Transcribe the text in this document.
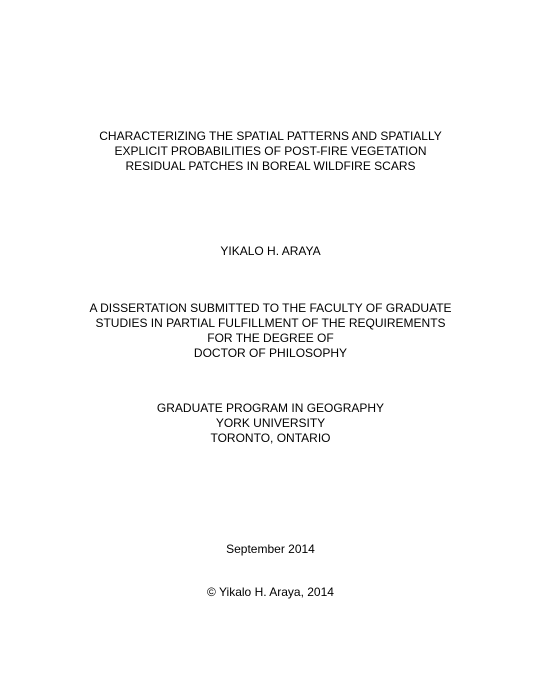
CHARACTERIZING THE SPATIAL PATTERNS AND SPATIALLY
EXPLICIT PROBABILITIES OF POST-FIRE VEGETATION
RESIDUAL PATCHES IN BOREAL WILDFIRE SCARS
YIKALO H. ARAYA
A DISSERTATION SUBMITTED TO THE FACULTY OF GRADUATE
STUDIES IN PARTIAL FULFILLMENT OF THE REQUIREMENTS
FOR THE DEGREE OF
DOCTOR OF PHILOSOPHY
GRADUATE PROGRAM IN GEOGRAPHY
YORK UNIVERSITY
TORONTO, ONTARIO
September 2014
© Yikalo H. Araya, 2014
